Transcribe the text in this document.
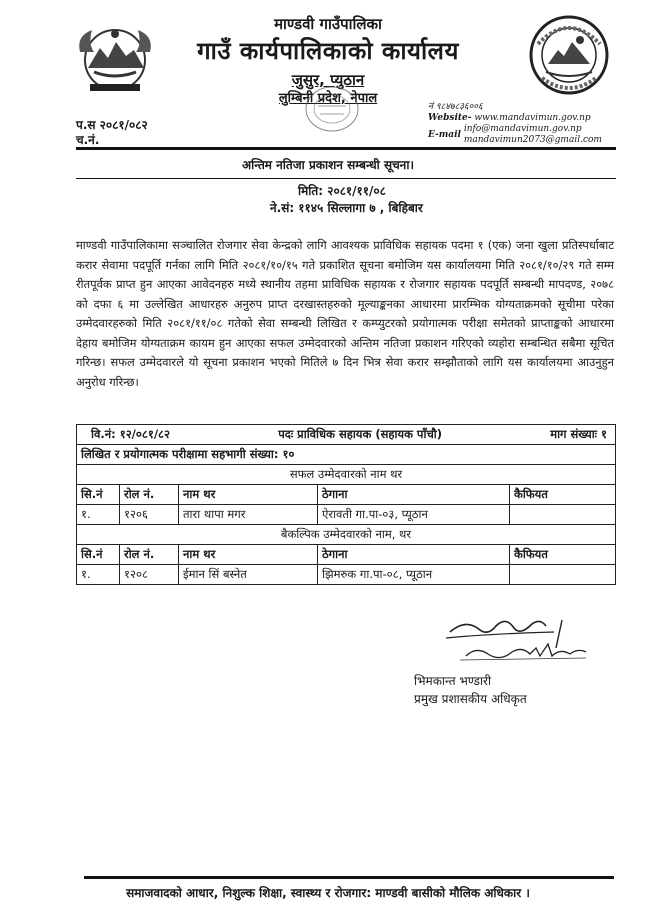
माण्डवी गाउँपालिका
गाउँ कार्यपालिकाको कार्यालय
जुसुर, प्युठान
लुम्बिनी प्रदेश, नेपाल
प.स २०८१/०८२
च.नं.
नं ९८४७८३६००६
Website- www.mandavimun.gov.np
E-mail
info@mandavimun.gov.np
mandavimun2073@gmail.com
अन्तिम नतिजा प्रकाशन सम्बन्धी सूचना।
मिति: २०८१/११/०८
ने.सं: ११४५ सिल्लागा ७ , बिहिबार
माण्डवी गाउँपालिकामा सञ्चालित रोजगार सेवा केन्द्रको लागि आवश्यक प्राविधिक सहायक पदमा १ (एक) जना खुला प्रतिस्पर्धाबाट करार सेवामा पदपूर्ति गर्नका लागि मिति २०८१/१०/१५ गते प्रकाशित सूचना बमोजिम यस कार्यालयमा मिति २०८१/१०/२९ गते सम्म रीतपूर्वक प्राप्त हुन आएका आवेदनहरु मध्ये स्थानीय तहमा प्राविधिक सहायक र रोजगार सहायक पदपूर्ति सम्बन्धी मापदण्ड, २०७८ को दफा ६ मा उल्लेखित आधारहरु अनुरुप प्राप्त दरखास्तहरुको मूल्याङ्कनका आधारमा प्रारम्भिक योग्यताक्रमको सूचीमा परेका उम्मेदवारहरुको मिति २०८१/११/०८ गतेको सेवा सम्बन्धी लिखित र कम्प्युटरको प्रयोगात्मक परीक्षा समेतको प्राप्ताङ्कको आधारमा देहाय बमोजिम योग्यताक्रम कायम हुन आएका सफल उम्मेदवारको अन्तिम नतिजा प्रकाशन गरिएको व्यहोरा सम्बन्धित सबैमा सूचित गरिन्छ। सफल उम्मेदवारले यो सूचना प्रकाशन भएको मितिले ७ दिन भित्र सेवा करार सम्झौताको लागि यस कार्यालयमा आउनुहुन अनुरोध गरिन्छ।
वि.नं: १२/०८१/८२ पदः प्राविधिक सहायक (सहायक पाँचौ) माग संख्याः १				

लिखित र प्रयोगात्मक परीक्षामा सहभागी संख्या: १०				
सफल उम्मेदवारको नाम थर				
सि.नं	रोल नं.	नाम थर	ठेगाना	कैफियत
१.	१२०६	तारा थापा मगर	ऐरावती गा.पा-०३, प्यूठान	
बैकल्पिक उम्मेदवारको नाम, थर				
सि.नं	रोल नं.	नाम थर	ठेगाना	कैफियत
१.	१२०८	ईमान सिं बस्नेत	झिमरुक गा.पा-०८, प्यूठान	
भिमकान्त भण्डारी
प्रमुख प्रशासकीय अधिकृत
समाजवादको आधार, निशुल्क शिक्षा, स्वास्थ्य र रोजगार: माण्डवी बासीको मौलिक अधिकार ।
